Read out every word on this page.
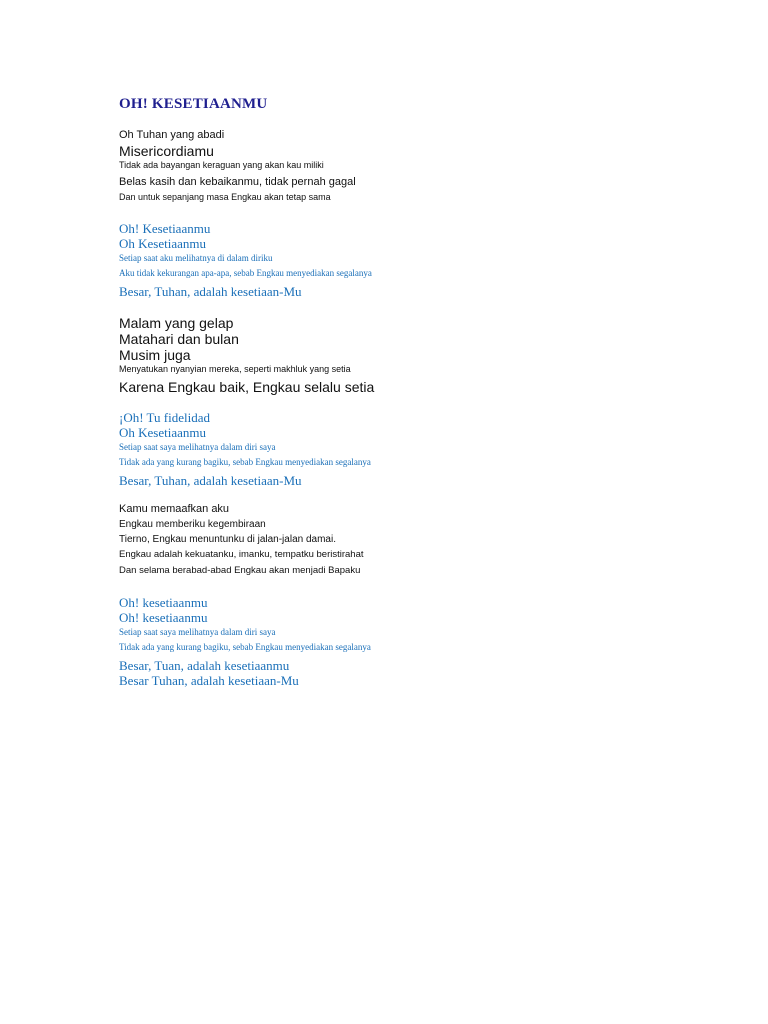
OH! KESETIAANMU
Oh Tuhan yang abadi
Misericordiamu
Tidak ada bayangan keraguan yang akan kau miliki
Belas kasih dan kebaikanmu, tidak pernah gagal
Dan untuk sepanjang masa Engkau akan tetap sama
Oh! Kesetiaanmu
Oh Kesetiaanmu
Setiap saat aku melihatnya di dalam diriku
Aku tidak kekurangan apa-apa, sebab Engkau menyediakan segalanya
Besar, Tuhan, adalah kesetiaan-Mu
Malam yang gelap
Matahari dan bulan
Musim juga
Menyatukan nyanyian mereka, seperti makhluk yang setia
Karena Engkau baik, Engkau selalu setia
¡Oh! Tu fidelidad
Oh Kesetiaanmu
Setiap saat saya melihatnya dalam diri saya
Tidak ada yang kurang bagiku, sebab Engkau menyediakan segalanya
Besar, Tuhan, adalah kesetiaan-Mu
Kamu memaafkan aku
Engkau memberiku kegembiraan
Tierno, Engkau menuntunku di jalan-jalan damai.
Engkau adalah kekuatanku, imanku, tempatku beristirahat
Dan selama berabad-abad Engkau akan menjadi Bapaku
Oh! kesetiaanmu
Oh! kesetiaanmu
Setiap saat saya melihatnya dalam diri saya
Tidak ada yang kurang bagiku, sebab Engkau menyediakan segalanya
Besar, Tuan, adalah kesetiaanmu
Besar Tuhan, adalah kesetiaan-Mu
